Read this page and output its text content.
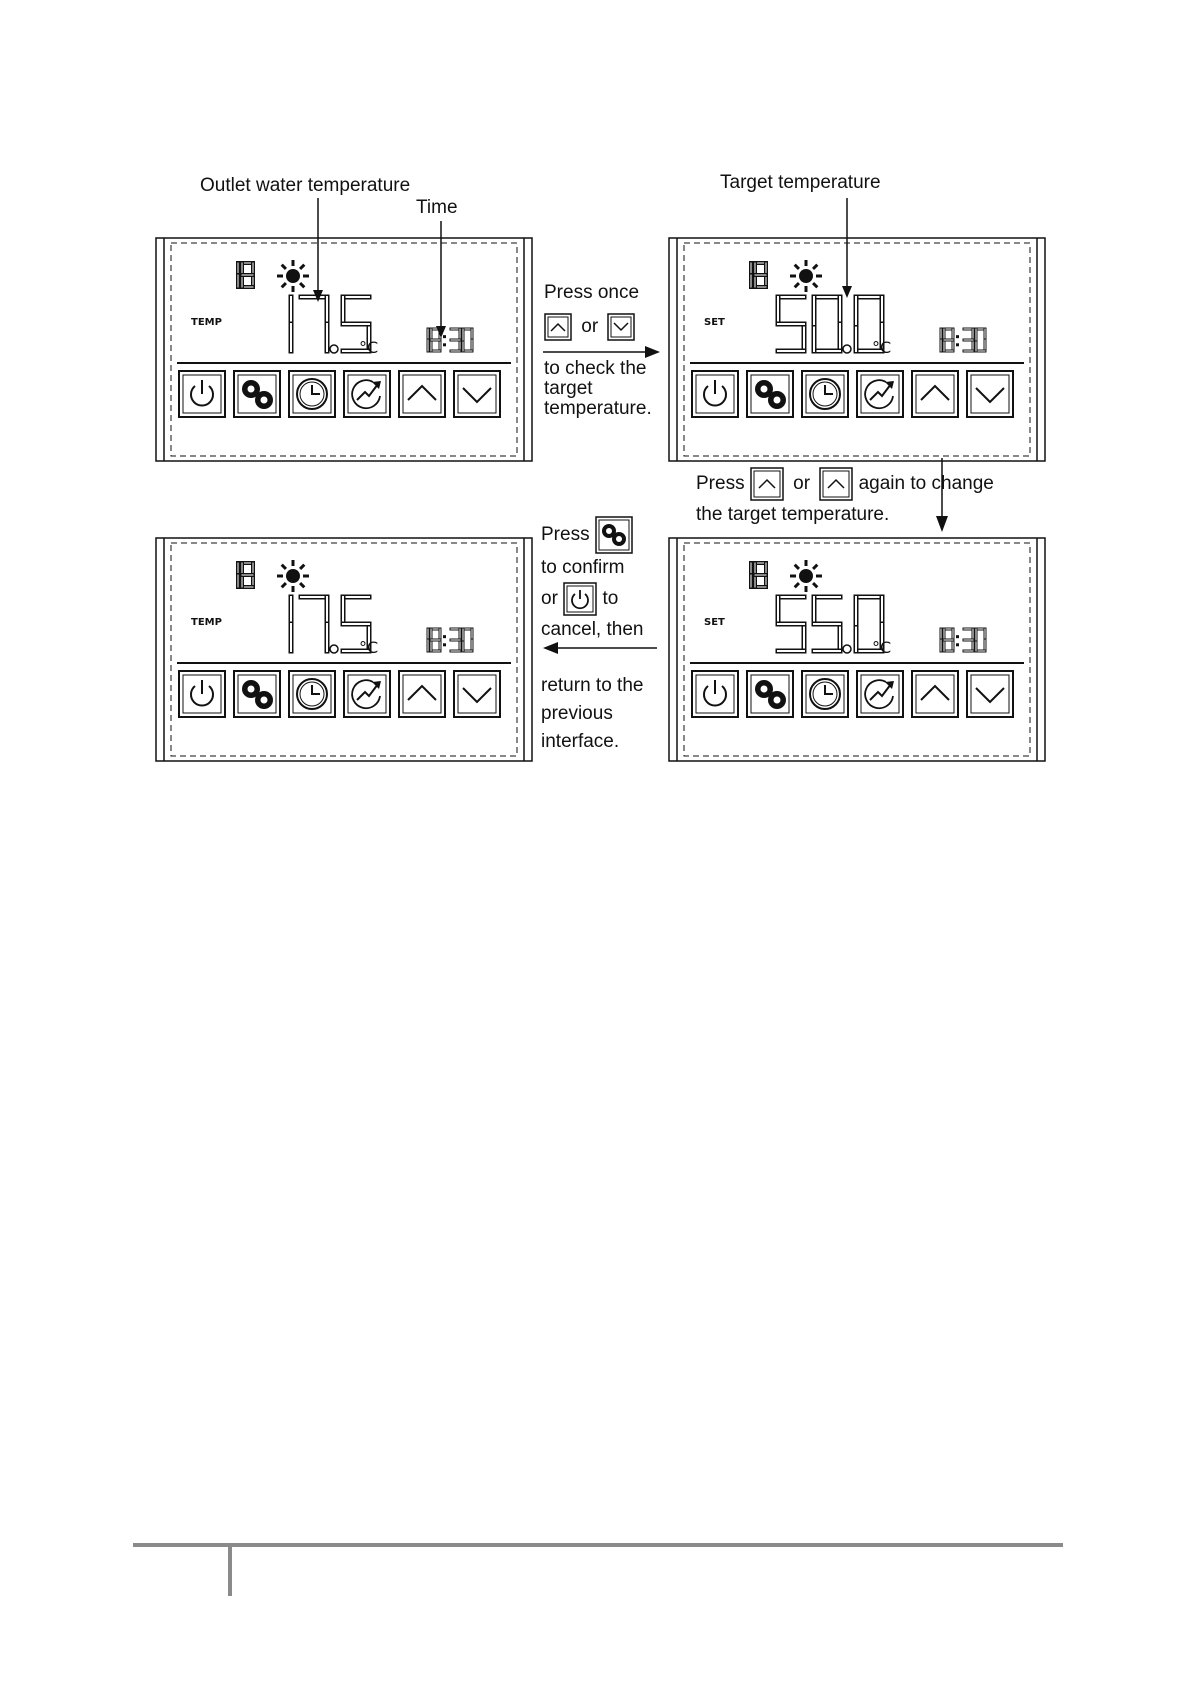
Outlet water temperature
Time
Target temperature
TEMP
°C
SET
°C
SET
°C
TEMP
°C
Press once
or
to check the
target
temperature.
Press	or	again to change
the target temperature.
Press
to confirm
or to
cancel, then
return to the
previous
interface.
